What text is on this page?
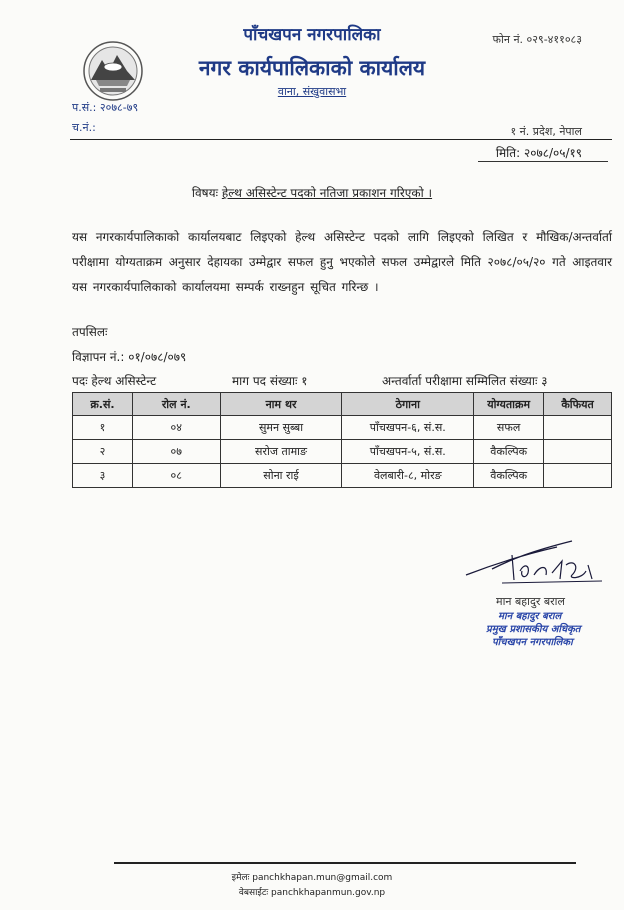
पाँचखपन नगरपालिका
नगर कार्यपालिकाको कार्यालय
वाना, संखुवासभा
फोन नं. ०२९-४११०८३
प.सं.: २०७८-७९
च.नं.:	१ नं. प्रदेश, नेपाल
मिति: २०७८/०५/१९
विषयः हेल्थ असिस्टेन्ट पदको नतिजा प्रकाशन गरिएको ।
यस नगरकार्यपालिकाको कार्यालयबाट लिइएको हेल्थ असिस्टेन्ट पदको लागि लिइएको लिखित र मौखिक/अन्तर्वार्ता परीक्षामा योग्यताक्रम अनुसार देहायका उम्मेद्वार सफल हुनु भएकोले सफल उम्मेद्वारले मिति २०७८/०५/२० गते आइतवार यस नगरकार्यपालिकाको कार्यालयमा सम्पर्क राख्नहुन सूचित गरिन्छ ।
तपसिलः
विज्ञापन नं.: ०१/०७८/०७९
पदः हेल्थ असिस्टेन्ट	माग पद संख्याः १	अन्तर्वार्ता परीक्षामा सम्मिलित संख्याः ३
क्र.सं.	रोल नं.	नाम थर	ठेगाना	योग्यताक्रम	कैफियत
१	०४	सुमन सुब्बा	पाँचखपन-६, सं.स.	सफल	
२	०७	सरोज तामाङ	पाँचखपन-५, सं.स.	वैकल्पिक	
३	०८	सोना राई	वेलबारी-८, मोरङ	वैकल्पिक	
मान बहादुर बराल
मान बहादुर बराल
प्रमुख प्रशासकीय अधिकृत
पाँचखपन नगरपालिका
इमेलः panchkhapan.mun@gmail.com
वेबसाईटः panchkhapanmun.gov.np
